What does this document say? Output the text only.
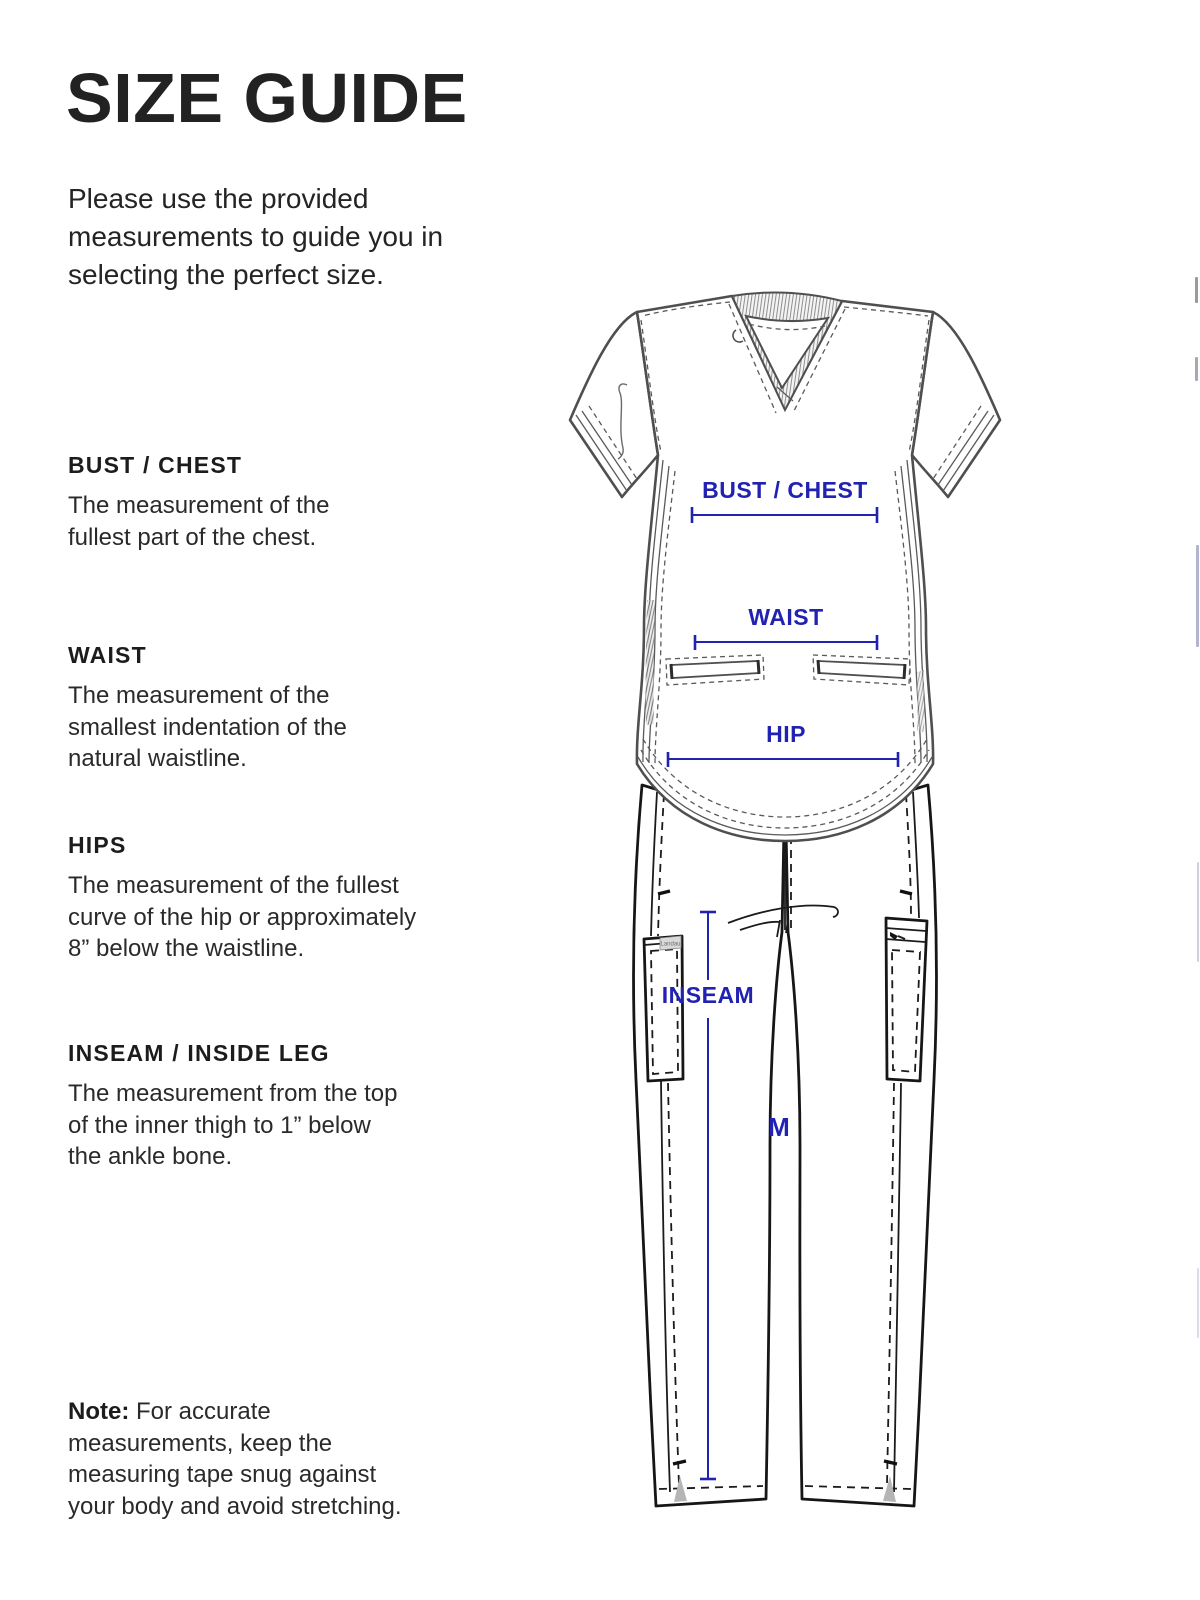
SIZE GUIDE
Please use the provided
measurements to guide you in
selecting the perfect size.
BUST / CHEST

The measurement of the
fullest part of the chest.

WAIST

The measurement of the
smallest indentation of the
natural waistline.

HIPS

The measurement of the fullest
curve of the hip or approximately
8” below the waistline.

INSEAM / INSIDE LEG

The measurement from the top
of the inner thigh to 1” below
the ankle bone.

Note: For accurate
measurements, keep the
measuring tape snug against
your body and avoid stretching.

Landau
BUST / CHEST
WAIST
HIP
INSEAM
M
